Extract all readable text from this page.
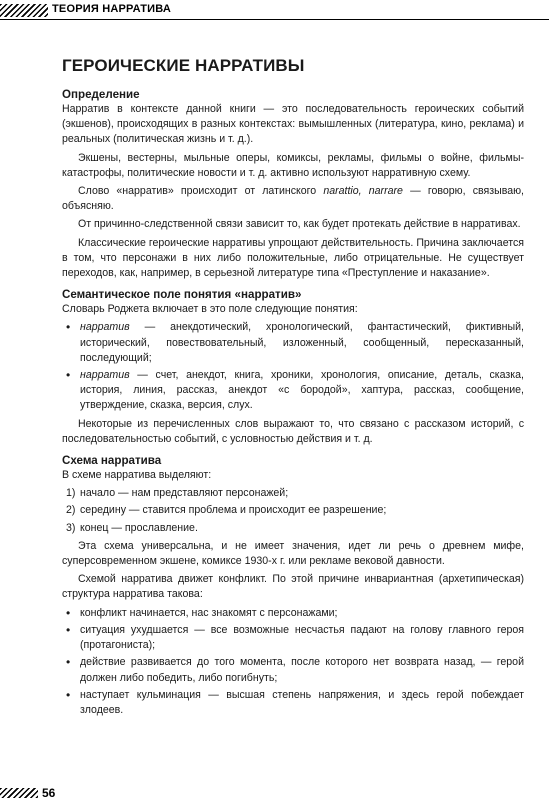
ТЕОРИЯ НАРРАТИВА
ГЕРОИЧЕСКИЕ НАРРАТИВЫ
Определение

Нарратив в контексте данной книги — это последовательность героических событий (экшенов), происходящих в разных контекстах: вымышленных (литература, кино, реклама) и реальных (политическая жизнь и т. д.).

Экшены, вестерны, мыльные оперы, комиксы, рекламы, фильмы о войне, фильмы-катастрофы, политические новости и т. д. активно используют нарративную схему.

Слово «нарратив» происходит от латинского narattio, narrare — говорю, связываю, объясняю.

От причинно-следственной связи зависит то, как будет протекать действие в нарративах.

Классические героические нарративы упрощают действительность. Причина заключается в том, что персонажи в них либо положительные, либо отрицательные. Не существует переходов, как, например, в серьезной литературе типа «Преступление и наказание».

Семантическое поле понятия «нарратив»

Словарь Роджета включает в это поле следующие понятия:

• нарратив — анекдотический, хронологический, фантастический, фиктивный, исторический, повествовательный, изложенный, сообщенный, пересказанный, последующий;
• нарратив — счет, анекдот, книга, хроники, хронология, описание, деталь, сказка, история, линия, рассказ, анекдот «с бородой», хаптура, рассказ, сообщение, утверждение, сказка, версия, слух.

Некоторые из перечисленных слов выражают то, что связано с рассказом историй, с последовательностью событий, с условностью действия и т. д.

Схема нарратива

В схеме нарратива выделяют:

1) начало — нам представляют персонажей;
2) середину — ставится проблема и происходит ее разрешение;
3) конец — прославление.

Эта схема универсальна, и не имеет значения, идет ли речь о древнем мифе, суперсовременном экшене, комиксе 1930-х г. или рекламе вековой давности.

Схемой нарратива движет конфликт. По этой причине инвариантная (архетипическая) структура нарратива такова:

• конфликт начинается, нас знакомят с персонажами;
• ситуация ухудшается — все возможные несчастья падают на голову главного героя (протагониста);
• действие развивается до того момента, после которого нет возврата назад, — герой должен либо победить, либо погибнуть;
• наступает кульминация — высшая степень напряжения, и здесь герой побеждает злодеев.
56
